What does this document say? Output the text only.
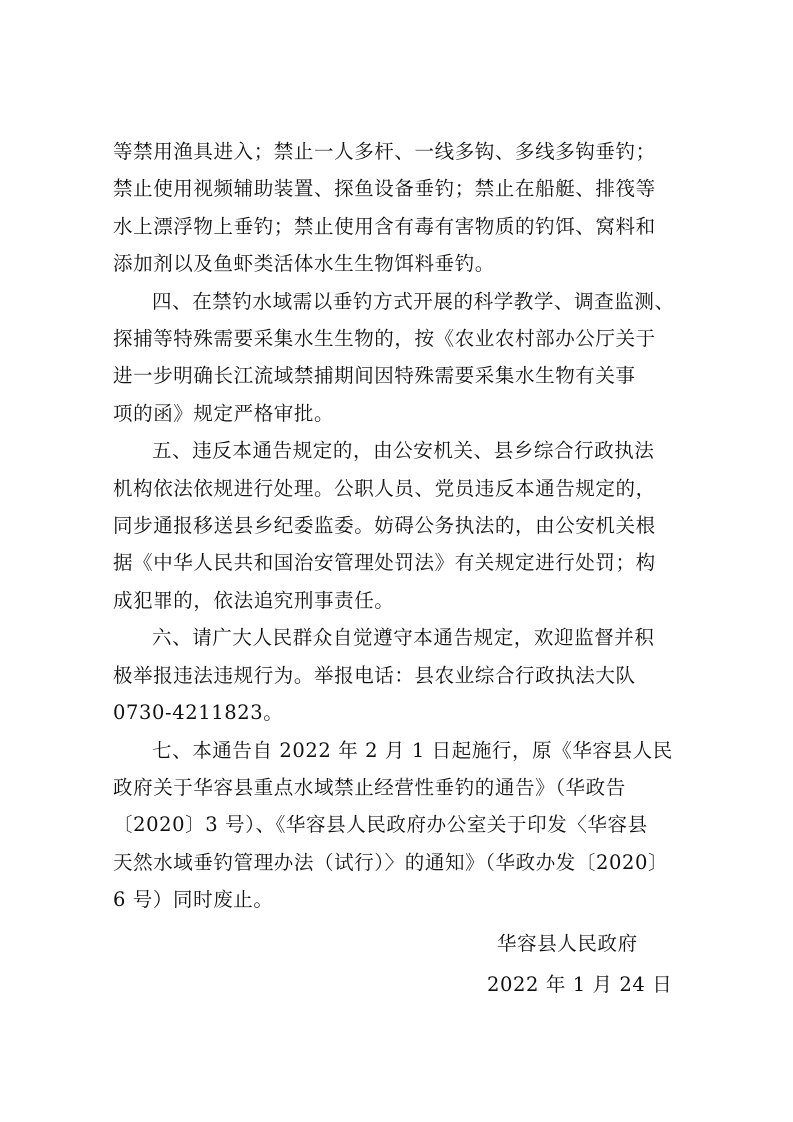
等禁用渔具进入；禁止一人多杆、一线多钩、多线多钩垂钓；
禁止使用视频辅助装置、探鱼设备垂钓；禁止在船艇、排筏等
水上漂浮物上垂钓；禁止使用含有毒有害物质的钓饵、窝料和
添加剂以及鱼虾类活体水生生物饵料垂钓。

四、在禁钓水域需以垂钓方式开展的科学教学、调查监测、
探捕等特殊需要采集水生生物的，按《农业农村部办公厅关于
进一步明确长江流域禁捕期间因特殊需要采集水生物有关事
项的函》规定严格审批。

五、违反本通告规定的，由公安机关、县乡综合行政执法
机构依法依规进行处理。公职人员、党员违反本通告规定的，
同步通报移送县乡纪委监委。妨碍公务执法的，由公安机关根
据《中华人民共和国治安管理处罚法》有关规定进行处罚；构
成犯罪的，依法追究刑事责任。

六、请广大人民群众自觉遵守本通告规定，欢迎监督并积
极举报违法违规行为。举报电话：县农业综合行政执法大队
0730-4211823。

七、本通告自 2022 年 2 月 1 日起施行，原《华容县人民
政府关于华容县重点水域禁止经营性垂钓的通告》（华政告
〔2020〕3 号）、《华容县人民政府办公室关于印发〈华容县
天然水域垂钓管理办法（试行）〉的通知》（华政办发〔2020〕
6 号）同时废止。

华容县人民政府
2022 年 1 月 24 日
